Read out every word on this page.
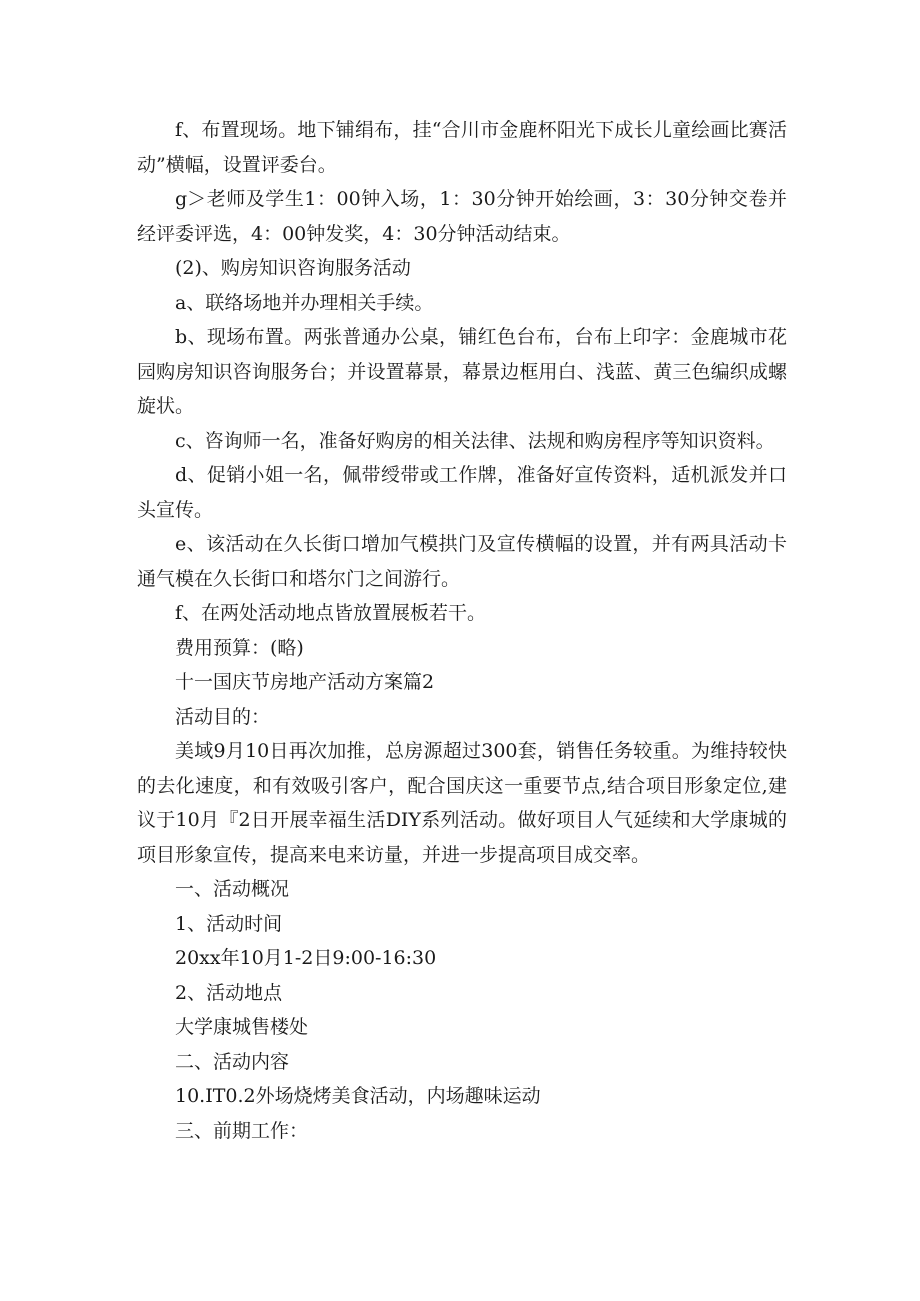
f、布置现场。地下铺绢布，挂“合川市金鹿杯阳光下成长儿童绘画比赛活动”横幅，设置评委台。

g＞老师及学生1：00钟入场，1：30分钟开始绘画，3：30分钟交卷并经评委评选，4：00钟发奖，4：30分钟活动结束。

(2)、购房知识咨询服务活动

a、联络场地并办理相关手续。

b、现场布置。两张普通办公桌，铺红色台布，台布上印字：金鹿城市花园购房知识咨询服务台；并设置幕景，幕景边框用白、浅蓝、黄三色编织成螺旋状。

c、咨询师一名，准备好购房的相关法律、法规和购房程序等知识资料。

d、促销小姐一名，佩带绶带或工作牌，准备好宣传资料，适机派发并口头宣传。

e、该活动在久长街口增加气模拱门及宣传横幅的设置，并有两具活动卡通气模在久长街口和塔尔门之间游行。

f、在两处活动地点皆放置展板若干。

费用预算：(略)

十一国庆节房地产活动方案篇2

活动目的：

美域9月10日再次加推，总房源超过300套，销售任务较重。为维持较快的去化速度，和有效吸引客户，配合国庆这一重要节点,结合项目形象定位,建议于10月『2日开展幸福生活DIY系列活动。做好项目人气延续和大学康城的项目形象宣传，提高来电来访量，并进一步提高项目成交率。

一、活动概况

1、活动时间

20xx年10月1-2日9:00-16:30

2、活动地点

大学康城售楼处

二、活动内容

10.IT0.2外场烧烤美食活动，内场趣味运动

三、前期工作：
